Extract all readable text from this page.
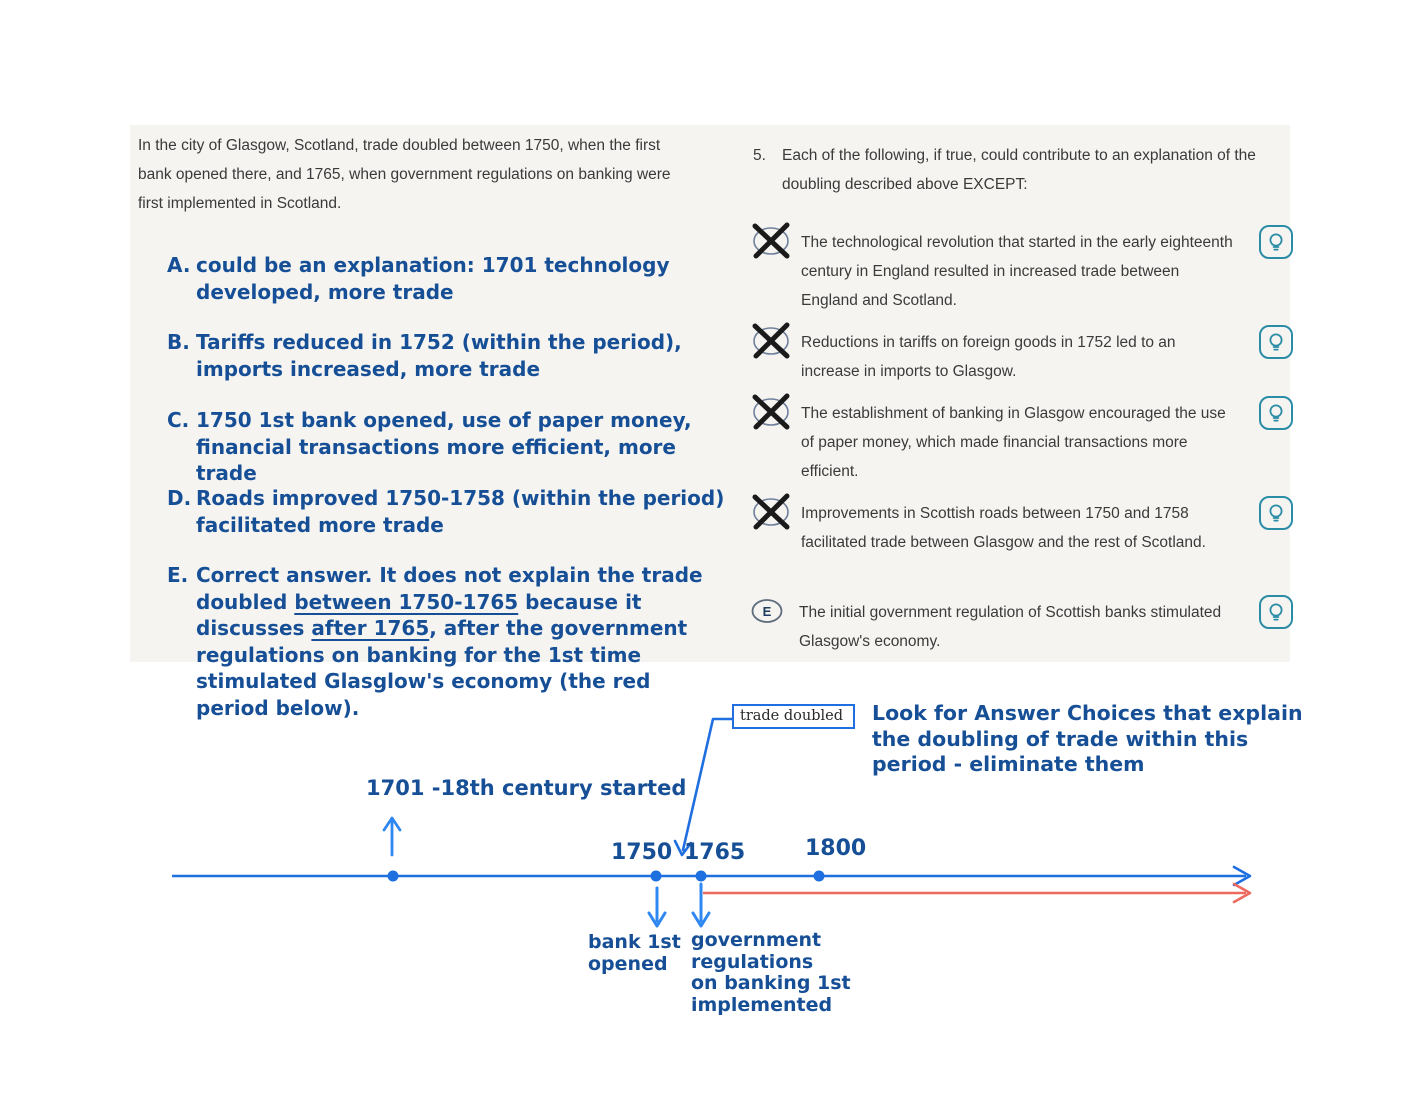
In the city of Glasgow, Scotland, trade doubled between 1750, when the first bank opened there, and 1765, when government regulations on banking were first implemented in Scotland.
A. could be an explanation: 1701 technology developed, more trade
B. Tariffs reduced in 1752 (within the period), imports increased, more trade
C. 1750 1st bank opened, use of paper money, financial transactions more efficient, more trade
D. Roads improved 1750-1758 (within the period) facilitated more trade
E. Correct answer. It does not explain the trade doubled between 1750-1765 because it discusses after 1765, after the government regulations on banking for the 1st time stimulated Glasglow's economy (the red period below).
5.	Each of the following, if true, could contribute to an explanation of the doubling described above EXCEPT:
The technological revolution that started in the early eighteenth century in England resulted in increased trade between England and Scotland.
Reductions in tariffs on foreign goods in 1752 led to an increase in imports to Glasgow.
The establishment of banking in Glasgow encouraged the use of paper money, which made financial transactions more efficient.
Improvements in Scottish roads between 1750 and 1758 facilitated trade between Glasgow and the rest of Scotland.
E The initial government regulation of Scottish banks stimulated Glasgow's economy.
Look for Answer Choices that explain
the doubling of trade within this
period - eliminate them
trade doubled
1701 -18th century started
1750 1765	1800
bank 1st
opened
government
regulations
on banking 1st
implemented
